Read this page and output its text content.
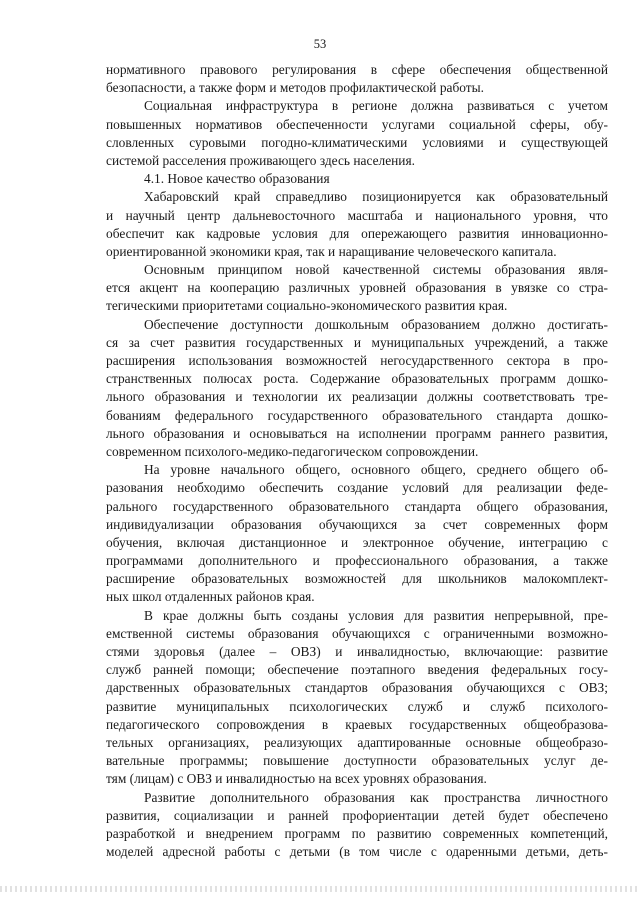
53
нормативного правового регулирования в сфере обеспечения общественной
безопасности, а также форм и методов профилактической работы.
Социальная инфраструктура в регионе должна развиваться с учетом
повышенных нормативов обеспеченности услугами социальной сферы, обу-
словленных суровыми погодно-климатическими условиями и существующей
системой расселения проживающего здесь населения.
4.1. Новое качество образования
Хабаровский край справедливо позиционируется как образовательный
и научный центр дальневосточного масштаба и национального уровня, что
обеспечит как кадровые условия для опережающего развития инновационно-
ориентированной экономики края, так и наращивание человеческого капитала.
Основным принципом новой качественной системы образования явля-
ется акцент на кооперацию различных уровней образования в увязке со стра-
тегическими приоритетами социально-экономического развития края.
Обеспечение доступности дошкольным образованием должно достигать-
ся за счет развития государственных и муниципальных учреждений, а также
расширения использования возможностей негосударственного сектора в про-
странственных полюсах роста. Содержание образовательных программ дошко-
льного образования и технологии их реализации должны соответствовать тре-
бованиям федерального государственного образовательного стандарта дошко-
льного образования и основываться на исполнении программ раннего развития,
современном психолого-медико-педагогическом сопровождении.
На уровне начального общего, основного общего, среднего общего об-
разования необходимо обеспечить создание условий для реализации феде-
рального государственного образовательного стандарта общего образования,
индивидуализации образования обучающихся за счет современных форм
обучения, включая дистанционное и электронное обучение, интеграцию с
программами дополнительного и профессионального образования, а также
расширение образовательных возможностей для школьников малокомплект-
ных школ отдаленных районов края.
В крае должны быть созданы условия для развития непрерывной, пре-
емственной системы образования обучающихся с ограниченными возможно-
стями здоровья (далее – ОВЗ) и инвалидностью, включающие: развитие
служб ранней помощи; обеспечение поэтапного введения федеральных госу-
дарственных образовательных стандартов образования обучающихся с ОВЗ;
развитие муниципальных психологических служб и служб психолого-
педагогического сопровождения в краевых государственных общеобразова-
тельных организациях, реализующих адаптированные основные общеобразо-
вательные программы; повышение доступности образовательных услуг де-
тям (лицам) с ОВЗ и инвалидностью на всех уровнях образования.
Развитие дополнительного образования как пространства личностного
развития, социализации и ранней профориентации детей будет обеспечено
разработкой и внедрением программ по развитию современных компетенций,
моделей адресной работы с детьми (в том числе с одаренными детьми, деть-
